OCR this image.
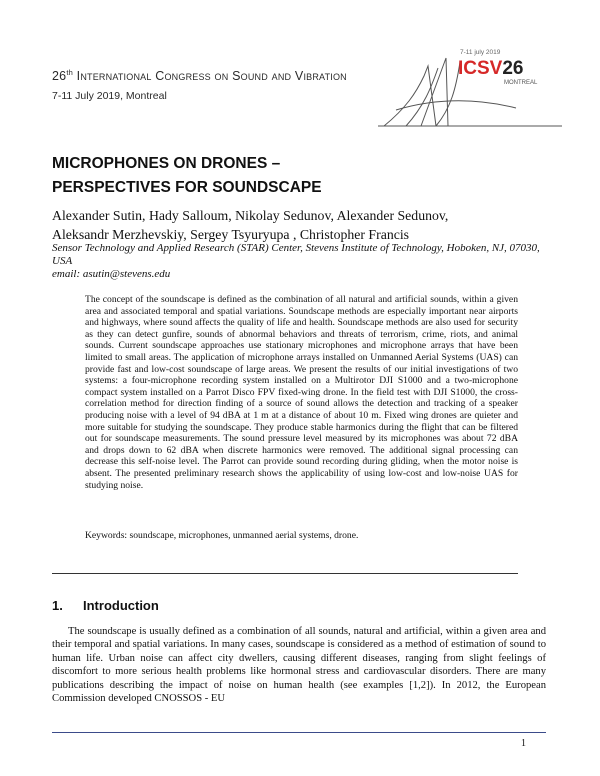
26th International Congress on Sound and Vibration
7-11 July 2019, Montreal
7-11 july 2019
ICSV26
MONTREAL
MICROPHONES ON DRONES –
PERSPECTIVES FOR SOUNDSCAPE
Alexander Sutin, Hady Salloum, Nikolay Sedunov, Alexander Sedunov,
Aleksandr Merzhevskiy, Sergey Tsyuryupa , Christopher Francis
Sensor Technology and Applied Research (STAR) Center, Stevens Institute of Technology, Hoboken, NJ, 07030, USA
email: asutin@stevens.edu
The concept of the soundscape is defined as the combination of all natural and artificial sounds, within a given area and associated temporal and spatial variations. Soundscape methods are especially important near airports and highways, where sound affects the quality of life and health. Soundscape methods are also used for security as they can detect gunfire, sounds of abnormal behaviors and threats of terrorism, crime, riots, and animal sounds. Current soundscape approaches use stationary microphones and microphone arrays that have been limited to small areas. The application of microphone arrays installed on Unmanned Aerial Systems (UAS) can provide fast and low-cost soundscape of large areas. We present the results of our initial investigations of two systems: a four-microphone recording system installed on a Multirotor DJI S1000 and a two-microphone compact system installed on a Parrot Disco FPV fixed-wing drone. In the field test with DJI S1000, the cross-correlation method for direction finding of a source of sound allows the detection and tracking of a speaker producing noise with a level of 94 dBA at 1 m at a distance of about 10 m. Fixed wing drones are quieter and more suitable for studying the soundscape. They produce stable harmonics during the flight that can be filtered out for soundscape measurements. The sound pressure level measured by its microphones was about 72 dBA and drops down to 62 dBA when discrete harmonics were removed. The additional signal processing can decrease this self-noise level. The Parrot can provide sound recording during gliding, when the motor noise is absent. The presented preliminary research shows the applicability of using low-cost and low-noise UAS for studying noise.
Keywords: soundscape, microphones, unmanned aerial systems, drone.
1. Introduction
The soundscape is usually defined as a combination of all sounds, natural and artificial, within a given area and their temporal and spatial variations. In many cases, soundscape is considered as a method of estimation of sound to human life. Urban noise can affect city dwellers, causing different diseases, ranging from slight feelings of discomfort to more serious health problems like hormonal stress and cardiovascular disorders. There are many publications describing the impact of noise on human health (see examples [1,2]). In 2012, the European Commission developed CNOSSOS - EU
1
